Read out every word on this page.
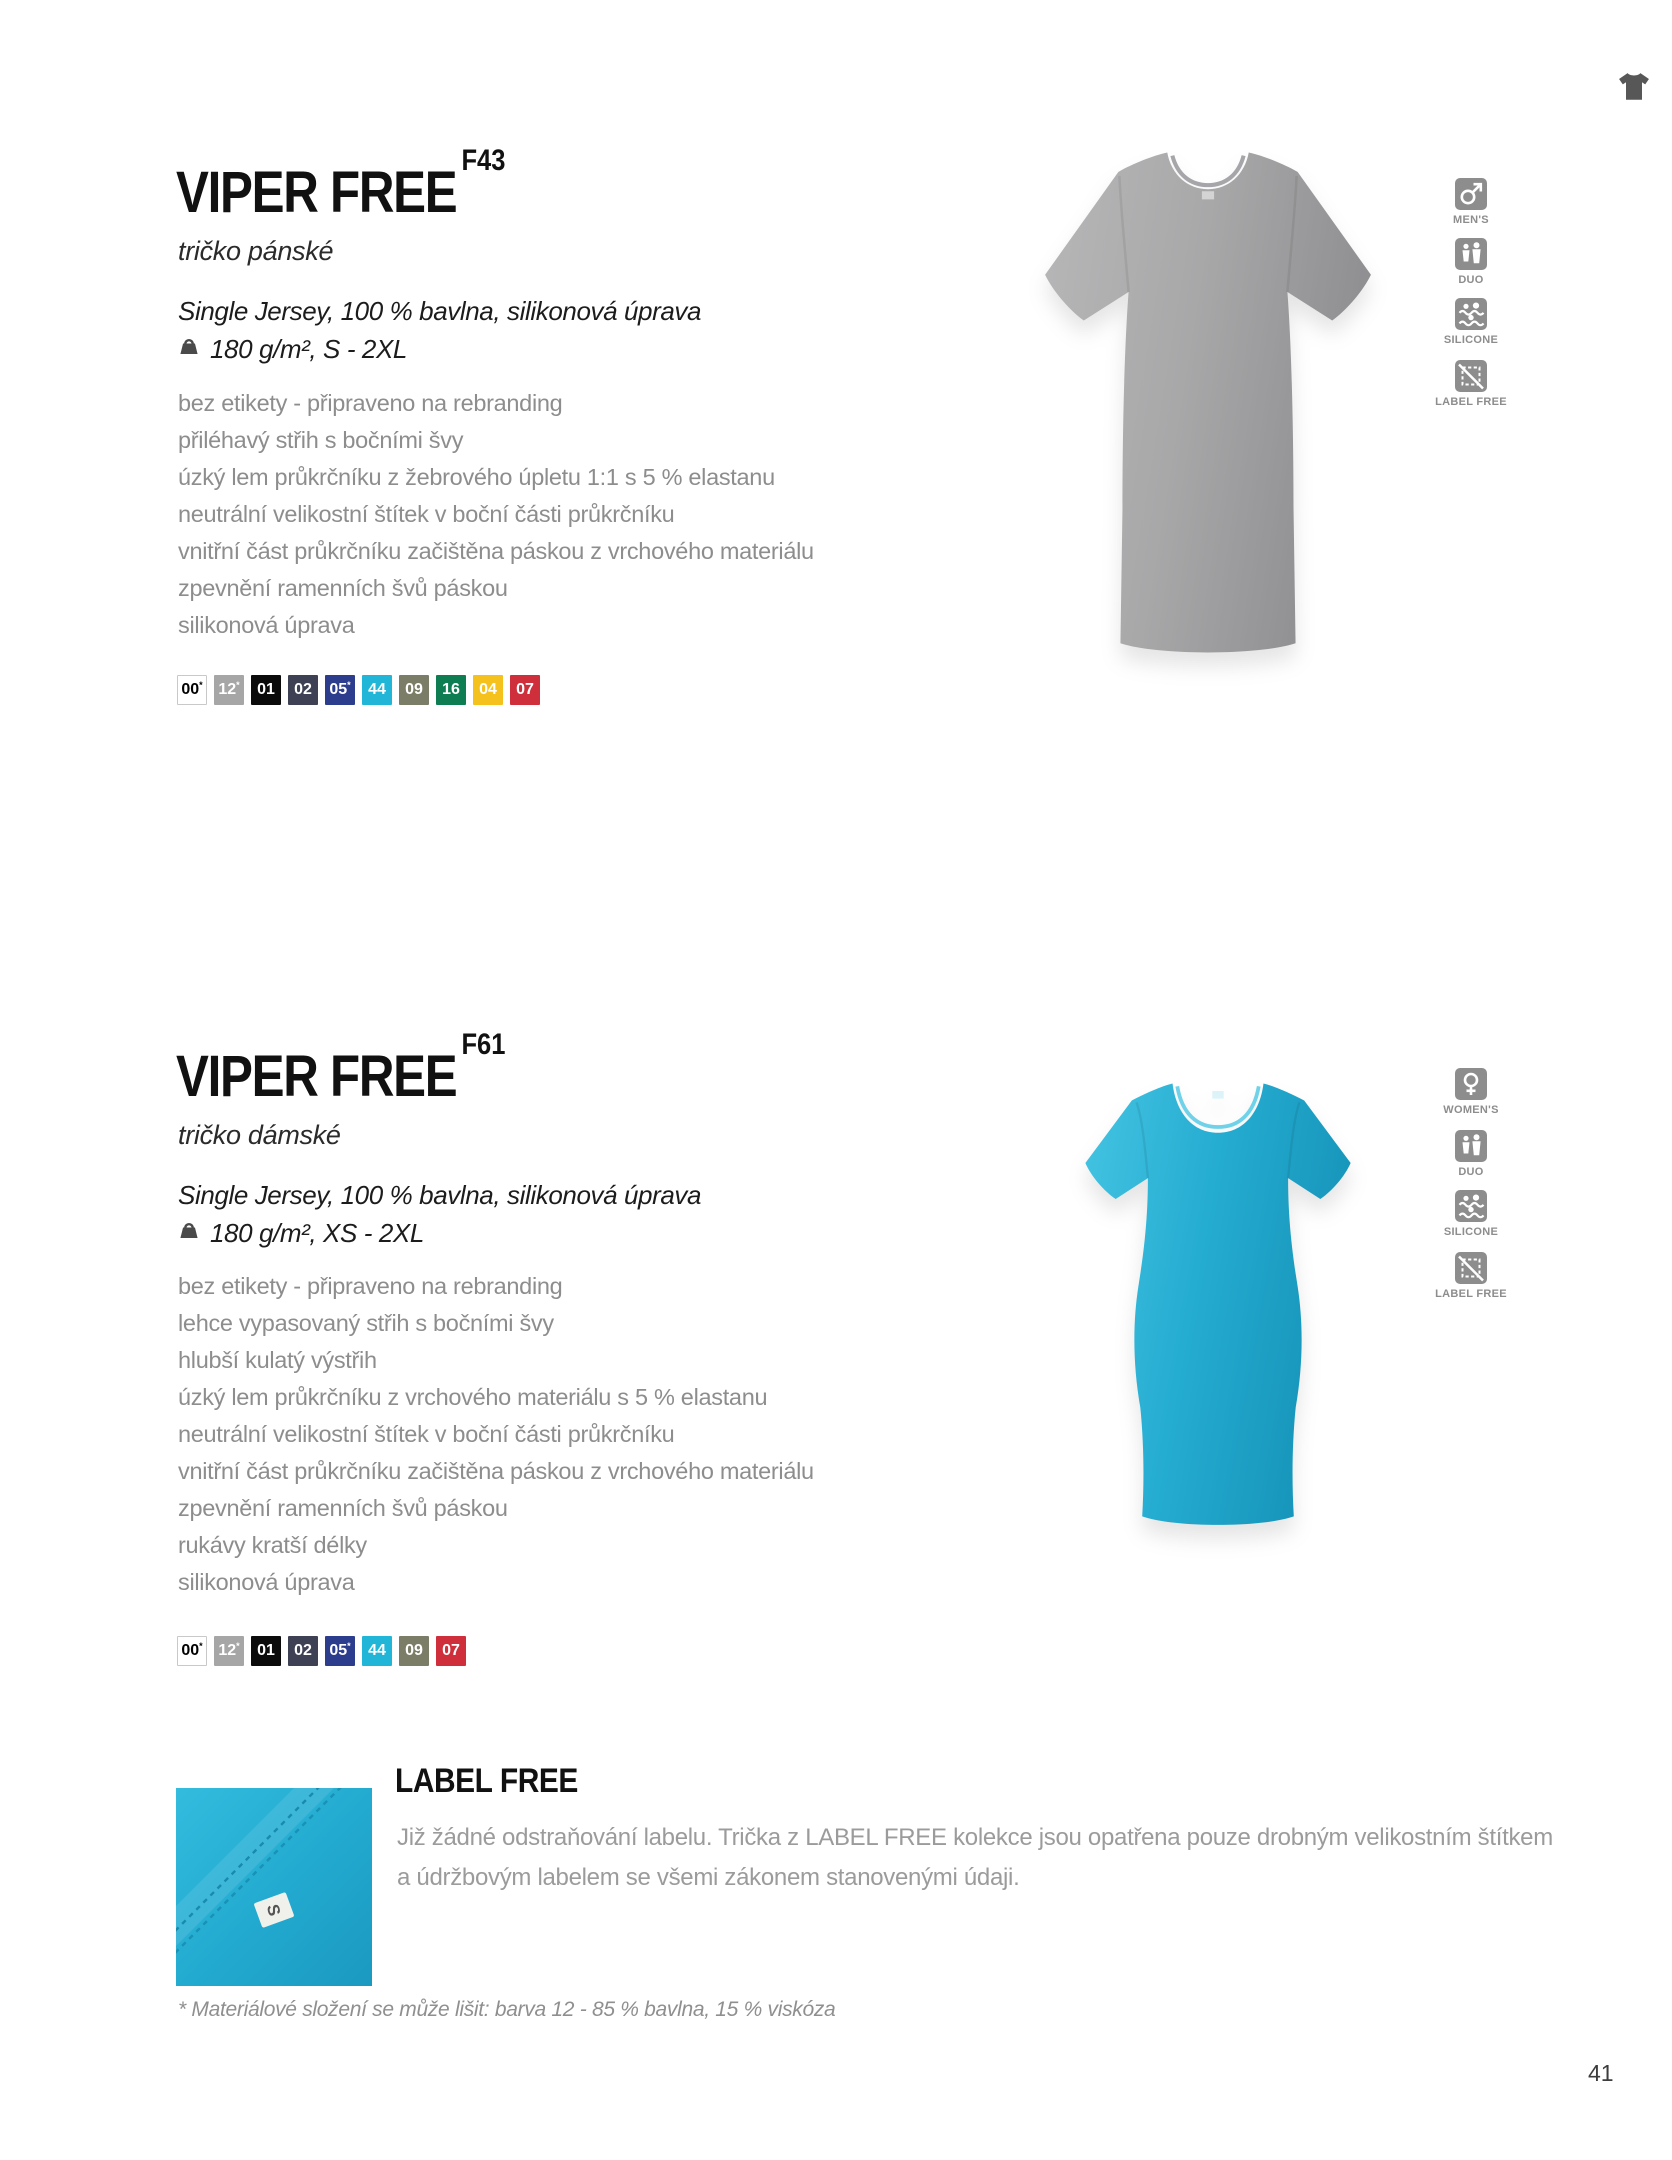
VIPER FREE $^{F43}$
tričko pánské
Single Jersey, 100 % bavlna, silikonová úprava
180 g/m², S - 2XL
bez etikety - připraveno na rebranding
přiléhavý střih s bočními švy
úzký lem průkrčníku z žebrového úpletu 1:1 s 5 % elastanu
neutrální velikostní štítek v boční části průkrčníku
vnitřní část průkrčníku začištěna páskou z vrchového materiálu
zpevnění ramenních švů páskou
silikonová úprava
00* 12*	01	02	05*	44	09	16	04	07
MEN'S
DUO
SILICONE
LABEL FREE
VIPER FREE $^{F61}$
tričko dámské
Single Jersey, 100 % bavlna, silikonová úprava
180 g/m², XS - 2XL
bez etikety - připraveno na rebranding
lehce vypasovaný střih s bočními švy
hlubší kulatý výstřih
úzký lem průkrčníku z vrchového materiálu s 5 % elastanu
neutrální velikostní štítek v boční části průkrčníku
vnitřní část průkrčníku začištěna páskou z vrchového materiálu
zpevnění ramenních švů páskou
rukávy kratší délky
silikonová úprava
00* 12*	01	02	05*	44	09	07
WOMEN'S
DUO
SILICONE
LABEL FREE
S
LABEL FREE
Již žádné odstraňování labelu. Trička z LABEL FREE kolekce jsou opatřena pouze drobným velikostním štítkem
a údržbovým labelem se všemi zákonem stanovenými údaji.
* Materiálové složení se může lišit: barva 12 - 85 % bavlna, 15 % viskóza
41
